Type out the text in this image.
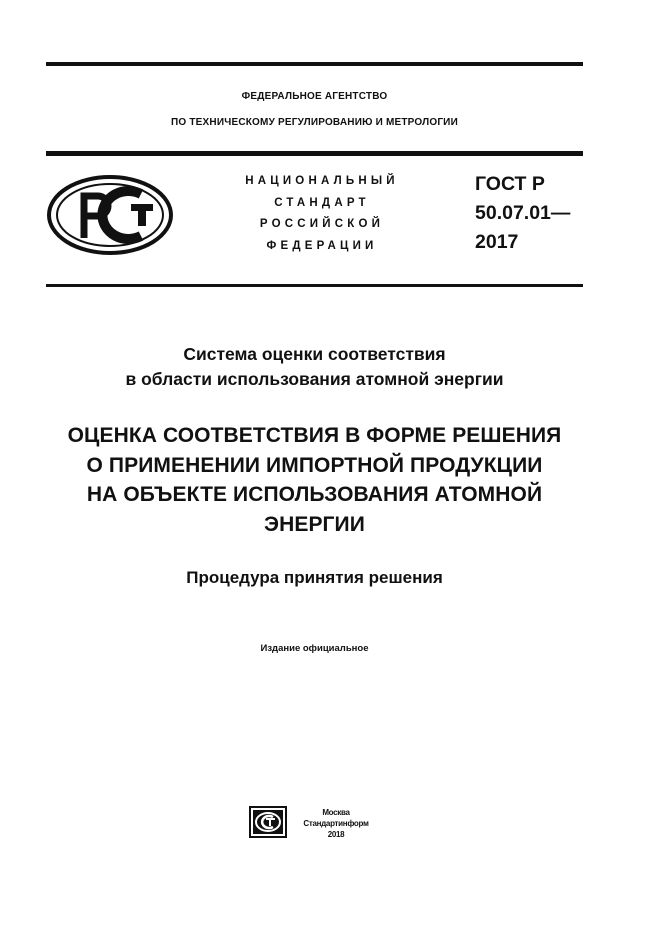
ФЕДЕРАЛЬНОЕ АГЕНТСТВО
ПО ТЕХНИЧЕСКОМУ РЕГУЛИРОВАНИЮ И МЕТРОЛОГИИ
НАЦИОНАЛЬНЫЙ
СТАНДАРТ
РОССИЙСКОЙ
ФЕДЕРАЦИИ
ГОСТ Р
50.07.01—
2017
Система оценки соответствия
в области использования атомной энергии
ОЦЕНКА СООТВЕТСТВИЯ В ФОРМЕ РЕШЕНИЯ
О ПРИМЕНЕНИИ ИМПОРТНОЙ ПРОДУКЦИИ
НА ОБЪЕКТЕ ИСПОЛЬЗОВАНИЯ АТОМНОЙ
ЭНЕРГИИ
Процедура принятия решения
Издание официальное
Москва
Стандартинформ
2018
